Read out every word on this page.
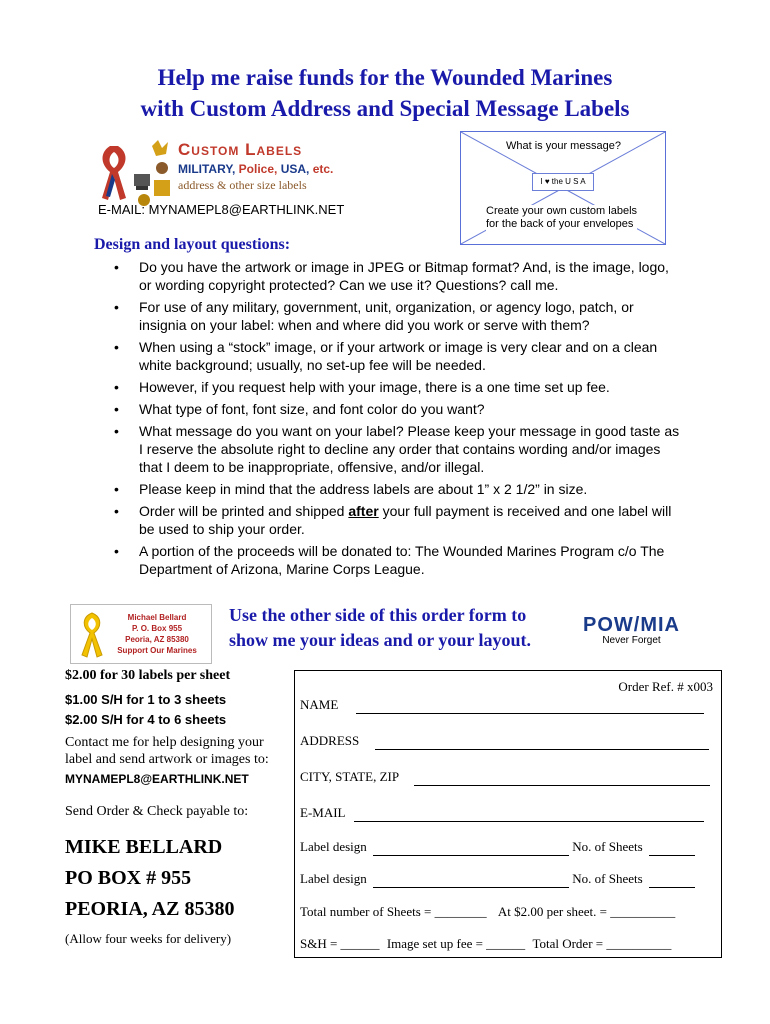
Help me raise funds for the Wounded Marines
with Custom Address and Special Message Labels
Custom Labels
MILITARY, Police, USA, etc.
address & other size labels
E-MAIL: MYNAMEPL8@EARTHLINK.NET
What is your message?
I ♥ the U S A
Create your own custom labels
for the back of your envelopes
Design and layout questions:
• Do you have the artwork or image in JPEG or Bitmap format? And, is the image, logo, or wording copyright protected? Can we use it? Questions? call me.
• For use of any military, government, unit, organization, or agency logo, patch, or insignia on your label: when and where did you work or serve with them?
• When using a “stock” image, or if your artwork or image is very clear and on a clean white background; usually, no set-up fee will be needed.
• However, if you request help with your image, there is a one time set up fee.
• What type of font, font size, and font color do you want?
• What message do you want on your label? Please keep your message in good taste as I reserve the absolute right to decline any order that contains wording and/or images that I deem to be inappropriate, offensive, and/or illegal.
• Please keep in mind that the address labels are about 1” x 2 1/2” in size.
• Order will be printed and shipped after your full payment is received and one label will be used to ship your order.
• A portion of the proceeds will be donated to: The Wounded Marines Program c/o The Department of Arizona, Marine Corps League.
Michael Bellard
P. O. Box 955
Peoria, AZ 85380
Support Our Marines
Use the other side of this order form to
show me your ideas and or your layout.
POW/MIA
Never Forget
$2.00 for 30 labels per sheet
$1.00 S/H for 1 to 3 sheets
$2.00 S/H for 4 to 6 sheets
Contact me for help designing your label and send artwork or images to:
MYNAMEPL8@EARTHLINK.NET
Send Order & Check payable to:
MIKE BELLARD
PO BOX # 955
PEORIA, AZ 85380
(Allow four weeks for delivery)
Order Ref. # x003
NAME
ADDRESS
CITY, STATE, ZIP
E-MAIL
Label design	No. of Sheets
Label design	No. of Sheets
Total number of Sheets = ________ At $2.00 per sheet. = __________
S&H = ______ Image set up fee = ______ Total Order = __________
